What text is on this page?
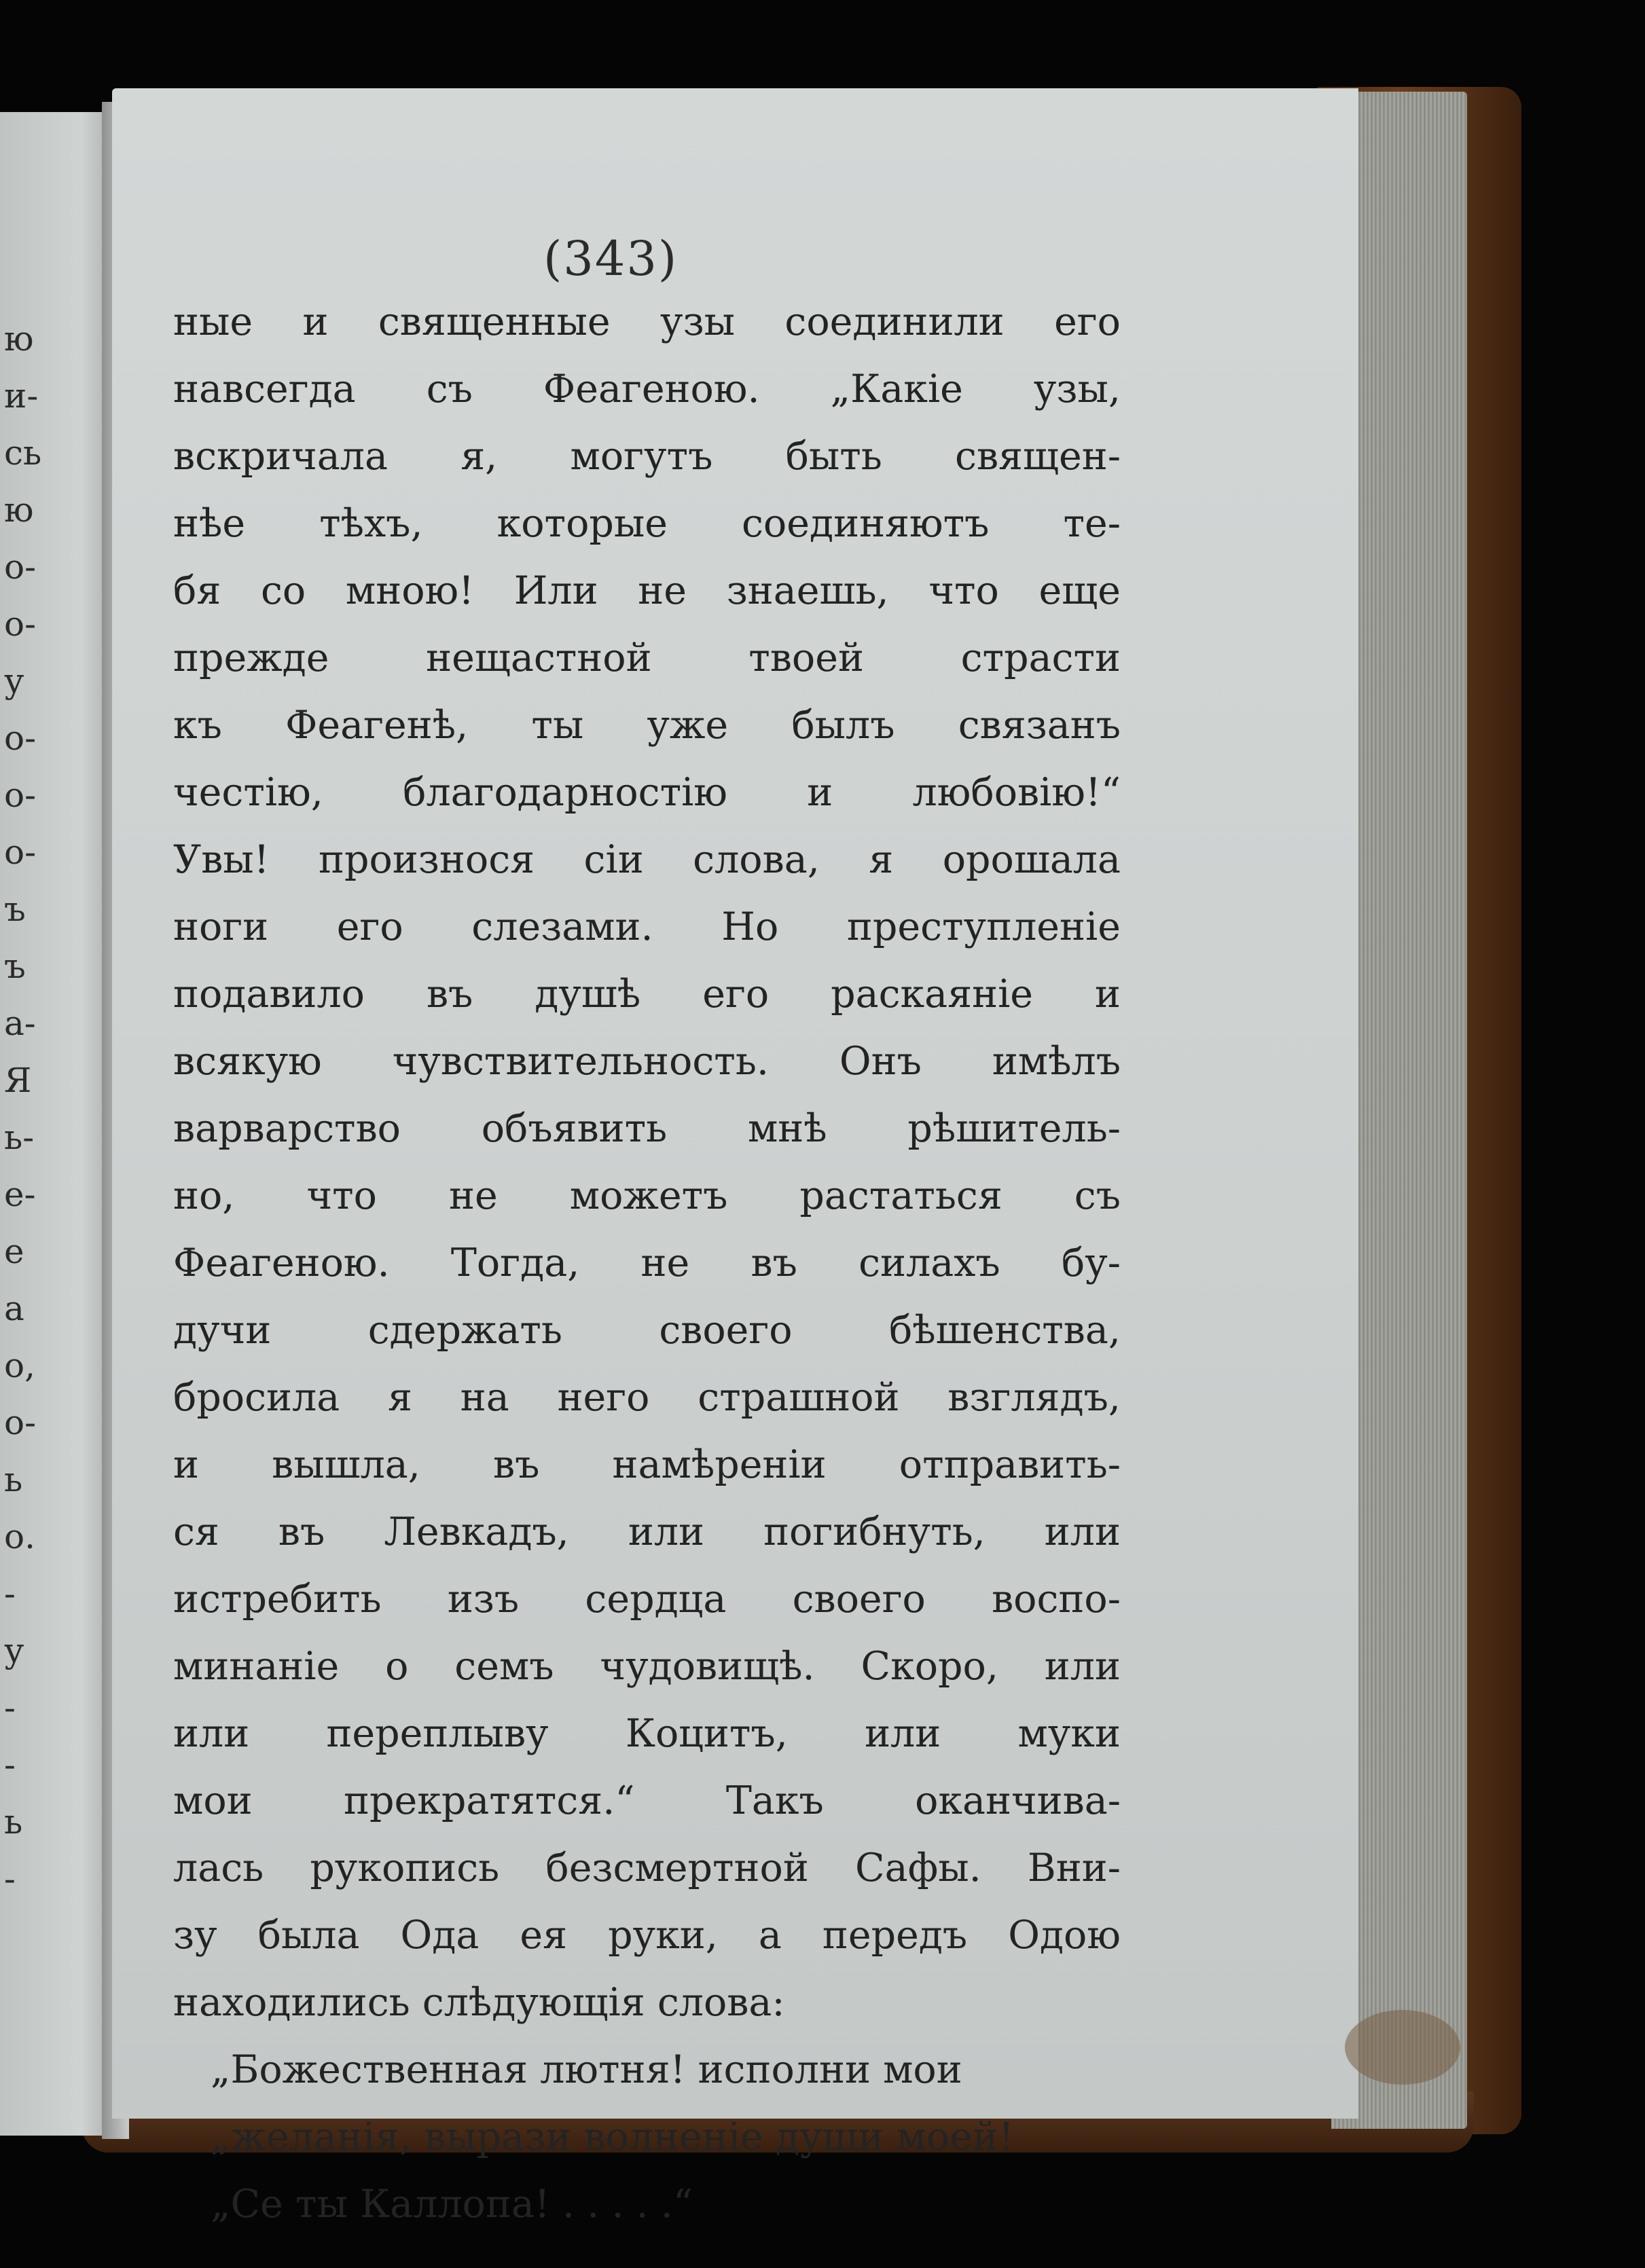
ю
и-
сь
ю
о-
о-
у
о-
о-
о-
ъ
ъ
а-
Я
ь-
е-
е
а
о,
о-
ь
о.
-
у
-
-
ь
-
(343)
ные и священные узы соединили его
навсегда съ Феагеною. „Какіе узы,
вскричала я, могутъ быть священ-
нѣе тѣхъ, которые соединяютъ те-
бя со мною! Или не знаешь, что еще
прежде нещастной твоей страсти
къ Феагенѣ, ты уже былъ связанъ
честію, благодарностію и любовію!“
Увы! произнося сіи слова, я орошала
ноги его слезами. Но преступленіе
подавило въ душѣ его раскаяніе и
всякую чувствительность. Онъ имѣлъ
варварство объявить мнѣ рѣшитель-
но, что не можетъ растаться съ
Феагеною. Тогда, не въ силахъ бу-
дучи сдержать своего бѣшенства,
бросила я на него страшной взглядъ,
и вышла, въ намѣреніи отправить-
ся въ Левкадъ, или погибнуть, или
истребить изъ сердца своего воспо-
минаніе о семъ чудовищѣ. Скоро, или
или переплыву Коцитъ, или муки
мои прекратятся.“ Такъ оканчива-
лась рукопись безсмертной Сафы. Вни-
зу была Ода ея руки, а передъ Одою
находились слѣдующія слова:
„Божественная лютня! исполни мои
„желанія, вырази волненіе души моей!
„Се ты Каллопа! . . . . .“
